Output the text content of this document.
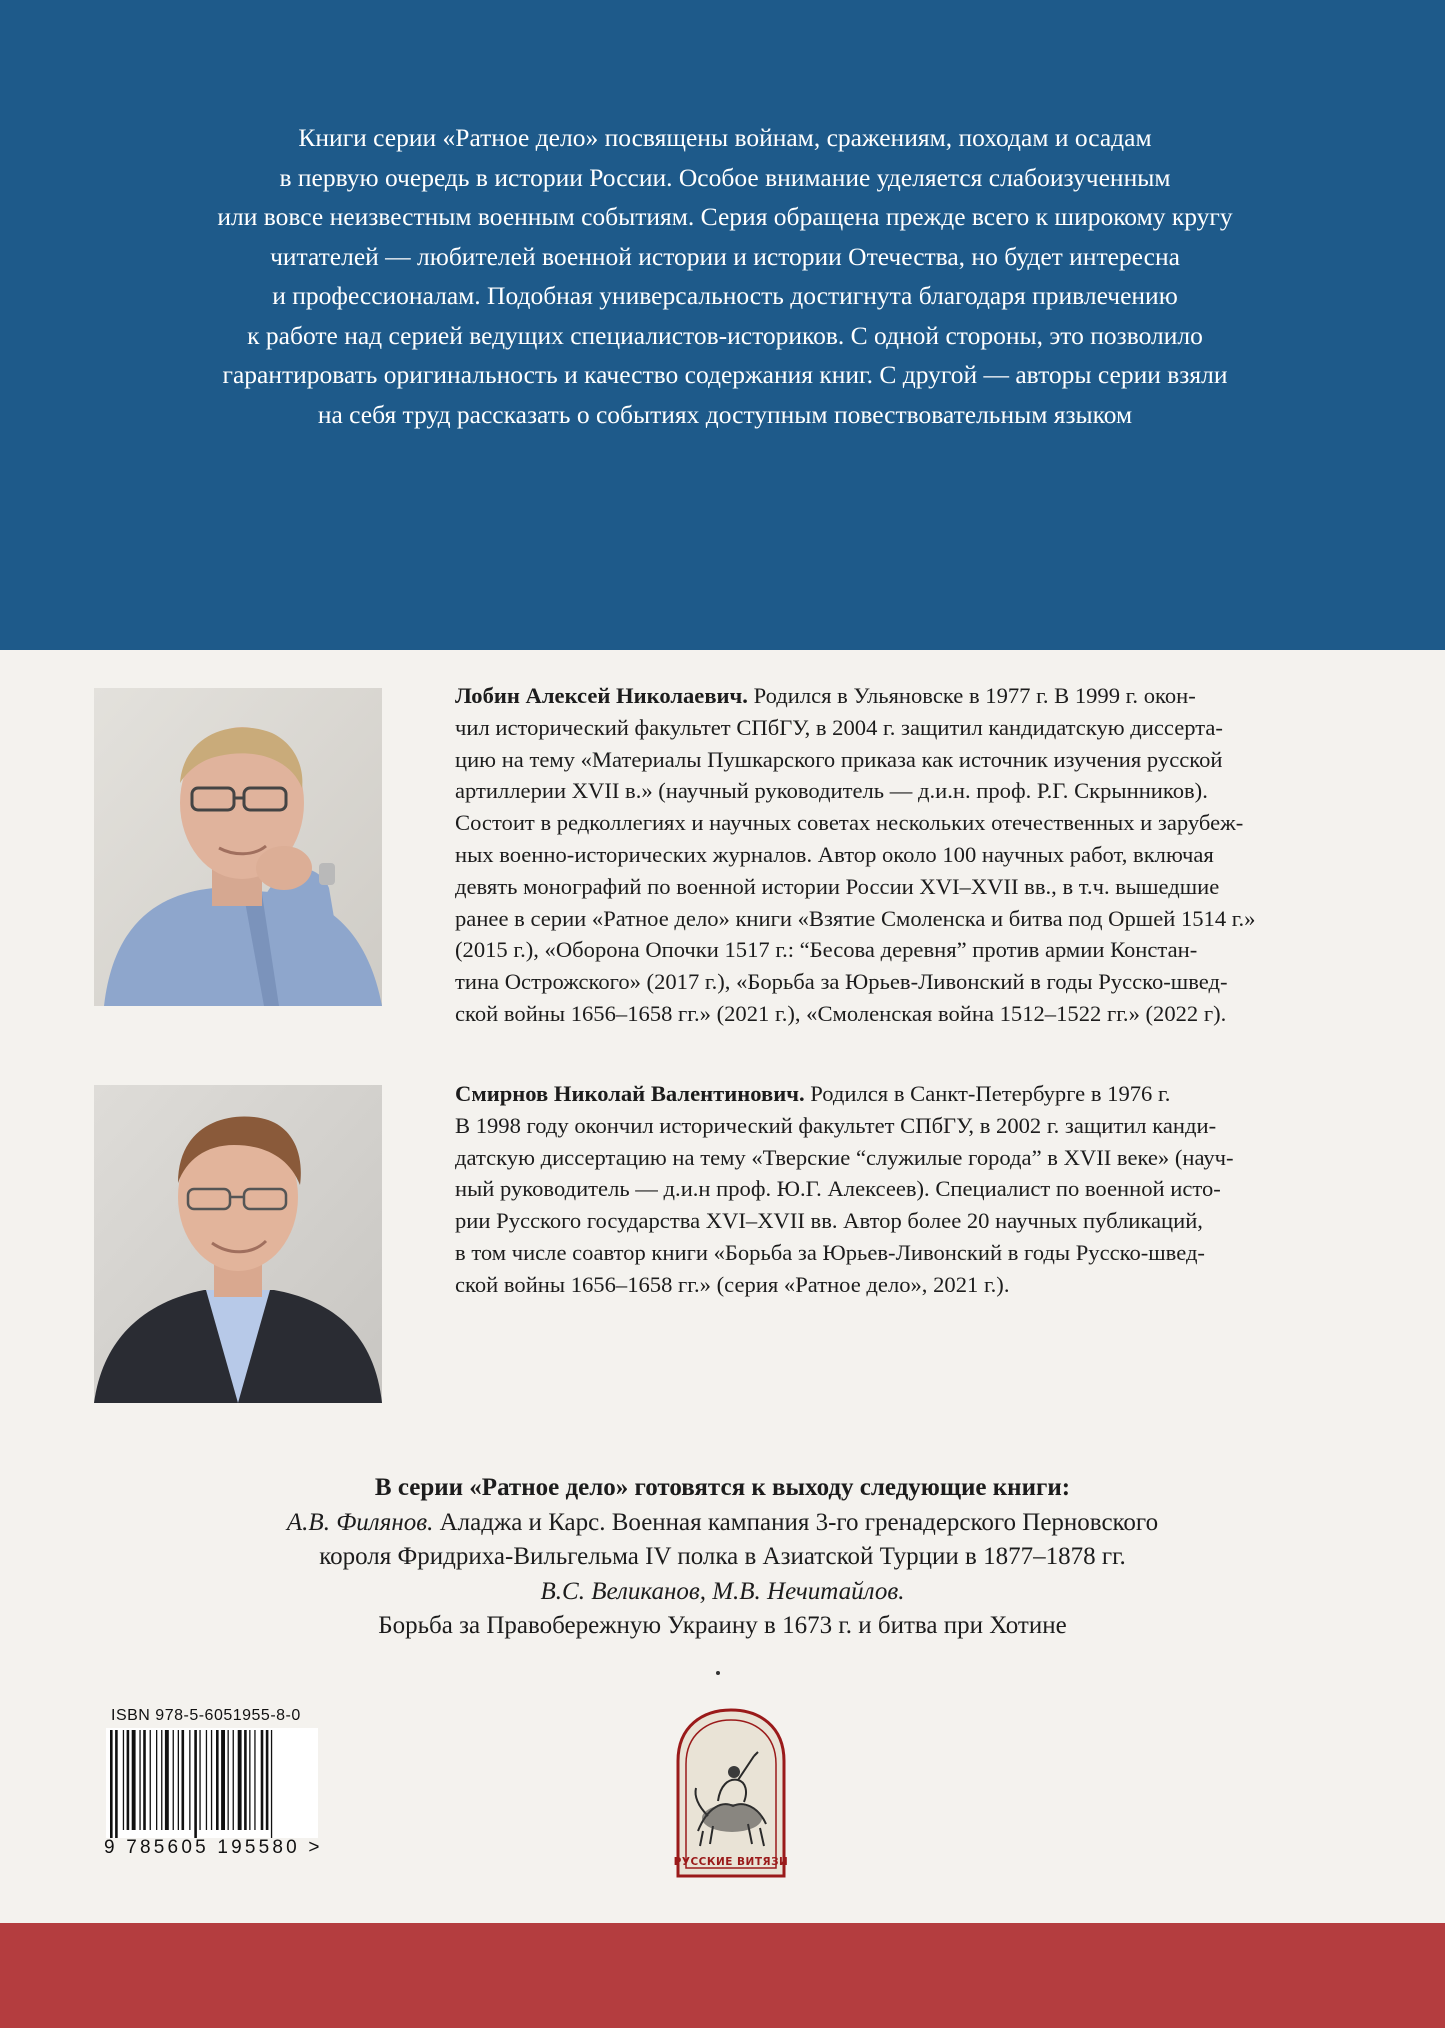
Книги серии «Ратное дело» посвящены войнам, сражениям, походам и осадам
в первую очередь в истории России. Особое внимание уделяется слабоизученным
или вовсе неизвестным военным событиям. Серия обращена прежде всего к широкому кругу
читателей — любителей военной истории и истории Отечества, но будет интересна
и профессионалам. Подобная универсальность достигнута благодаря привлечению
к работе над серией ведущих специалистов-историков. С одной стороны, это позволило
гарантировать оригинальность и качество содержания книг. С другой — авторы серии взяли
на себя труд рассказать о событиях доступным повествовательным языком
Лобин Алексей Николаевич. Родился в Ульяновске в 1977 г. В 1999 г. окон-
чил исторический факультет СПбГУ, в 2004 г. защитил кандидатскую диссерта-
цию на тему «Материалы Пушкарского приказа как источник изучения русской
артиллерии XVII в.» (научный руководитель — д.и.н. проф. Р.Г. Скрынников).
Состоит в редколлегиях и научных советах нескольких отечественных и зарубеж-
ных военно-исторических журналов. Автор около 100 научных работ, включая
девять монографий по военной истории России XVI–XVII вв., в т.ч. вышедшие
ранее в серии «Ратное дело» книги «Взятие Смоленска и битва под Оршей 1514 г.»
(2015 г.), «Оборона Опочки 1517 г.: “Бесова деревня” против армии Констан-
тина Острожского» (2017 г.), «Борьба за Юрьев-Ливонский в годы Русско-швед-
ской войны 1656–1658 гг.» (2021 г.), «Смоленская война 1512–1522 гг.» (2022 г).
Смирнов Николай Валентинович. Родился в Санкт-Петербурге в 1976 г.
В 1998 году окончил исторический факультет СПбГУ, в 2002 г. защитил канди-
датскую диссертацию на тему «Тверские “служилые города” в XVII веке» (науч-
ный руководитель — д.и.н проф. Ю.Г. Алексеев). Специалист по военной исто-
рии Русского государства XVI–XVII вв. Автор более 20 научных публикаций,
в том числе соавтор книги «Борьба за Юрьев-Ливонский в годы Русско-швед-
ской войны 1656–1658 гг.» (серия «Ратное дело», 2021 г.).
В серии «Ратное дело» готовятся к выходу следующие книги:
А.В. Филянов. Аладжа и Карс. Военная кампания 3-го гренадерского Перновского
короля Фридриха-Вильгельма IV полка в Азиатской Турции в 1877–1878 гг.
В.С. Великанов, М.В. Нечитайлов.
Борьба за Правобережную Украину в 1673 г. и битва при Хотине
ISBN 978-5-6051955-8-0
9 785605 195580 >
РУССКИЕ ВИТЯЗИ
